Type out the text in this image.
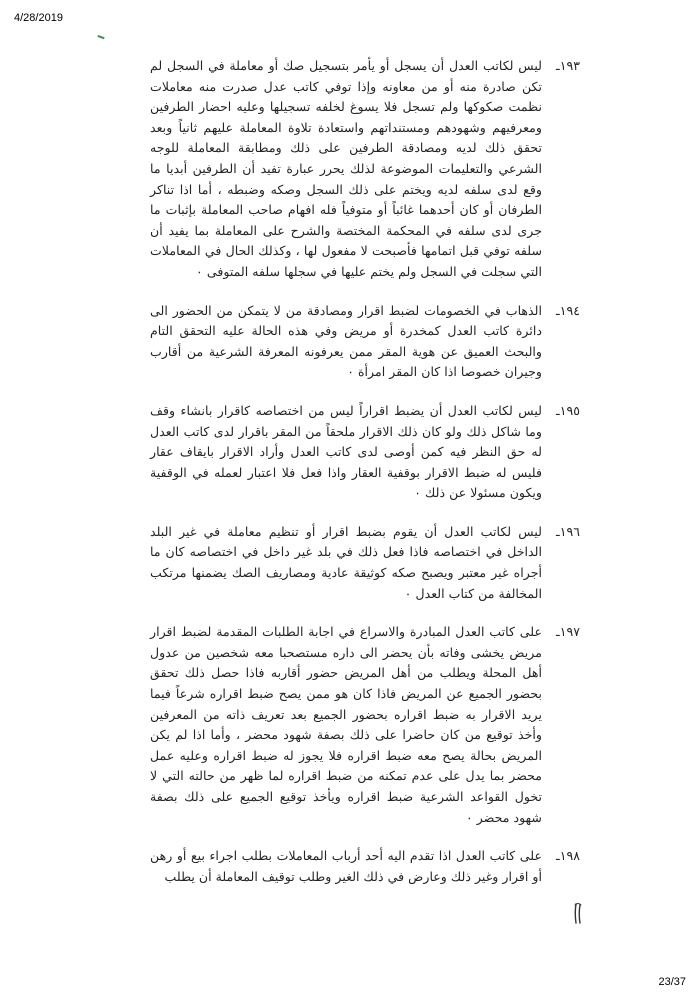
4/28/2019
١٩٣ـ
ليس لكاتب العدل أن يسجل أو يأمر بتسجيل صك أو معاملة في السجل لم تكن صادرة منه أو من معاونه وإذا توفي كاتب عدل صدرت منه معاملات نظمت صكوكها ولم تسجل فلا يسوغ لخلفه تسجيلها وعليه احضار الطرفين ومعرفيهم وشهودهم ومستنداتهم واستعادة تلاوة المعاملة عليهم ثانياً وبعد تحقق ذلك لديه ومصادقة الطرفين على ذلك ومطابقة المعاملة للوجه الشرعي والتعليمات الموضوعة لذلك يحرر عبارة تفيد أن الطرفين أبديا ما وقع لدى سلفه لديه ويختم على ذلك السجل وصكه وضبطه ، أما اذا تناكر الطرفان أو كان أحدهما غائباً أو متوفياً فله افهام صاحب المعاملة بإثبات ما جرى لدى سلفه في المحكمة المختصة والشرح على المعاملة بما يفيد أن سلفه توفي قبل اتمامها فأصبحت لا مفعول لها ، وكذلك الحال في المعاملات التي سجلت في السجل ولم يختم عليها في سجلها سلفه المتوفى ٠
١٩٤ـ
الذهاب في الخصومات لضبط اقرار ومصادقة من لا يتمكن من الحضور الى دائرة كاتب العدل كمخدرة أو مريض وفي هذه الحالة عليه التحقق التام والبحث العميق عن هوية المقر ممن يعرفونه المعرفة الشرعية من أقارب وجيران خصوصا اذا كان المقر امرأة ٠
١٩٥ـ
ليس لكاتب العدل أن يضبط اقراراً ليس من اختصاصه كاقرار بانشاء وقف وما شاكل ذلك ولو كان ذلك الاقرار ملحقاً من المقر باقرار لدى كاتب العدل له حق النظر فيه كمن أوصى لدى كاتب العدل وأراد الاقرار بايقاف عقار فليس له ضبط الاقرار بوقفية العقار واذا فعل فلا اعتبار لعمله في الوقفية ويكون مسئولا عن ذلك ٠
١٩٦ـ
ليس لكاتب العدل أن يقوم بضبط اقرار أو تنظيم معاملة في غير البلد الداخل في اختصاصه فاذا فعل ذلك في بلد غير داخل في اختصاصه كان ما أجراه غير معتبر ويصبح صكه كوثيقة عادية ومصاريف الصك يضمنها مرتكب المخالفة من كتاب العدل ٠
١٩٧ـ
على كاتب العدل المبادرة والاسراع في اجابة الطلبات المقدمة لضبط اقرار مريض يخشى وفاته بأن يحضر الى داره مستصحبا معه شخصين من عدول أهل المحلة ويطلب من أهل المريض حضور أقاربه فاذا حصل ذلك تحقق بحضور الجميع عن المريض فاذا كان هو ممن يصح ضبط اقراره شرعاً فيما يريد الاقرار به ضبط اقراره بحضور الجميع بعد تعريف ذاته من المعرفين وأخذ توقيع من كان حاضرا على ذلك بصفة شهود محضر ، وأما اذا لم يكن المريض بحالة يصح معه ضبط اقراره فلا يجوز له ضبط اقراره وعليه عمل محضر بما يدل على عدم تمكنه من ضبط اقراره لما ظهر من حالته التي لا تخول القواعد الشرعية ضبط اقراره ويأخذ توقيع الجميع على ذلك بصفة شهود محضر ٠
١٩٨ـ
على كاتب العدل اذا تقدم اليه أحد أرباب المعاملات بطلب اجراء بيع أو رهن أو اقرار وغير ذلك وعارض في ذلك الغير وطلب توقيف المعاملة أن يطلب
23/37
